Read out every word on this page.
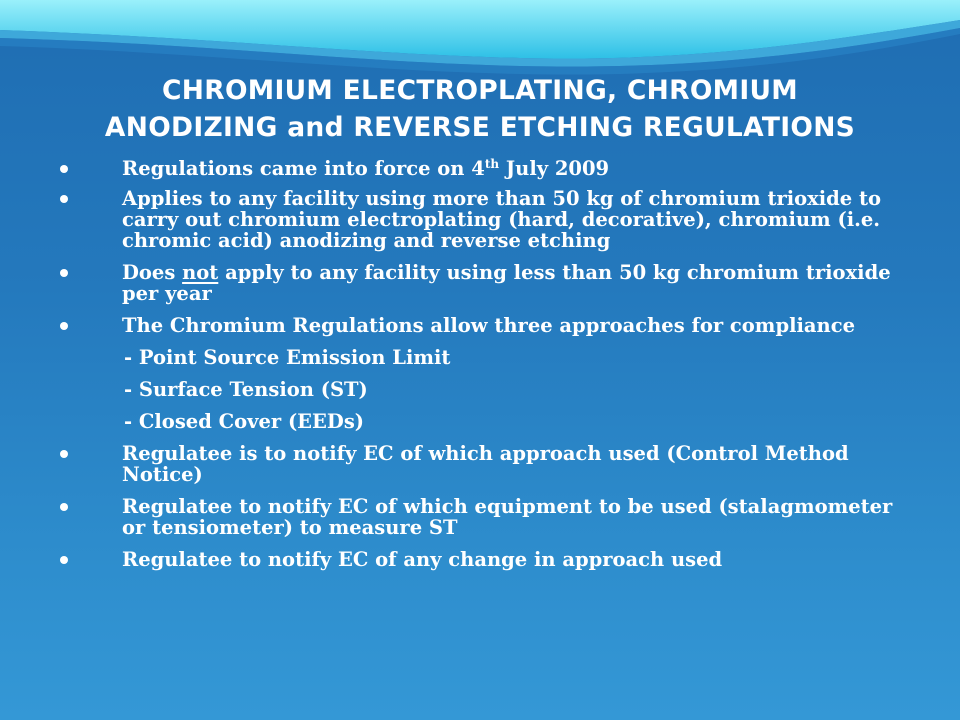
CHROMIUM ELECTROPLATING, CHROMIUM
ANODIZING and REVERSE ETCHING REGULATIONS
Regulations came into force on 4th July 2009
Applies to any facility using more than 50 kg of chromium trioxide to carry out chromium electroplating (hard, decorative), chromium (i.e. chromic acid) anodizing and reverse etching
Does not apply to any facility using less than 50 kg chromium trioxide per year
The Chromium Regulations allow three approaches for compliance
- Point Source Emission Limit
- Surface Tension (ST)
- Closed Cover (EEDs)
Regulatee is to notify EC of which approach used (Control Method Notice)
Regulatee to notify EC of which equipment to be used (stalagmometer or tensiometer) to measure ST
Regulatee to notify EC of any change in approach used
